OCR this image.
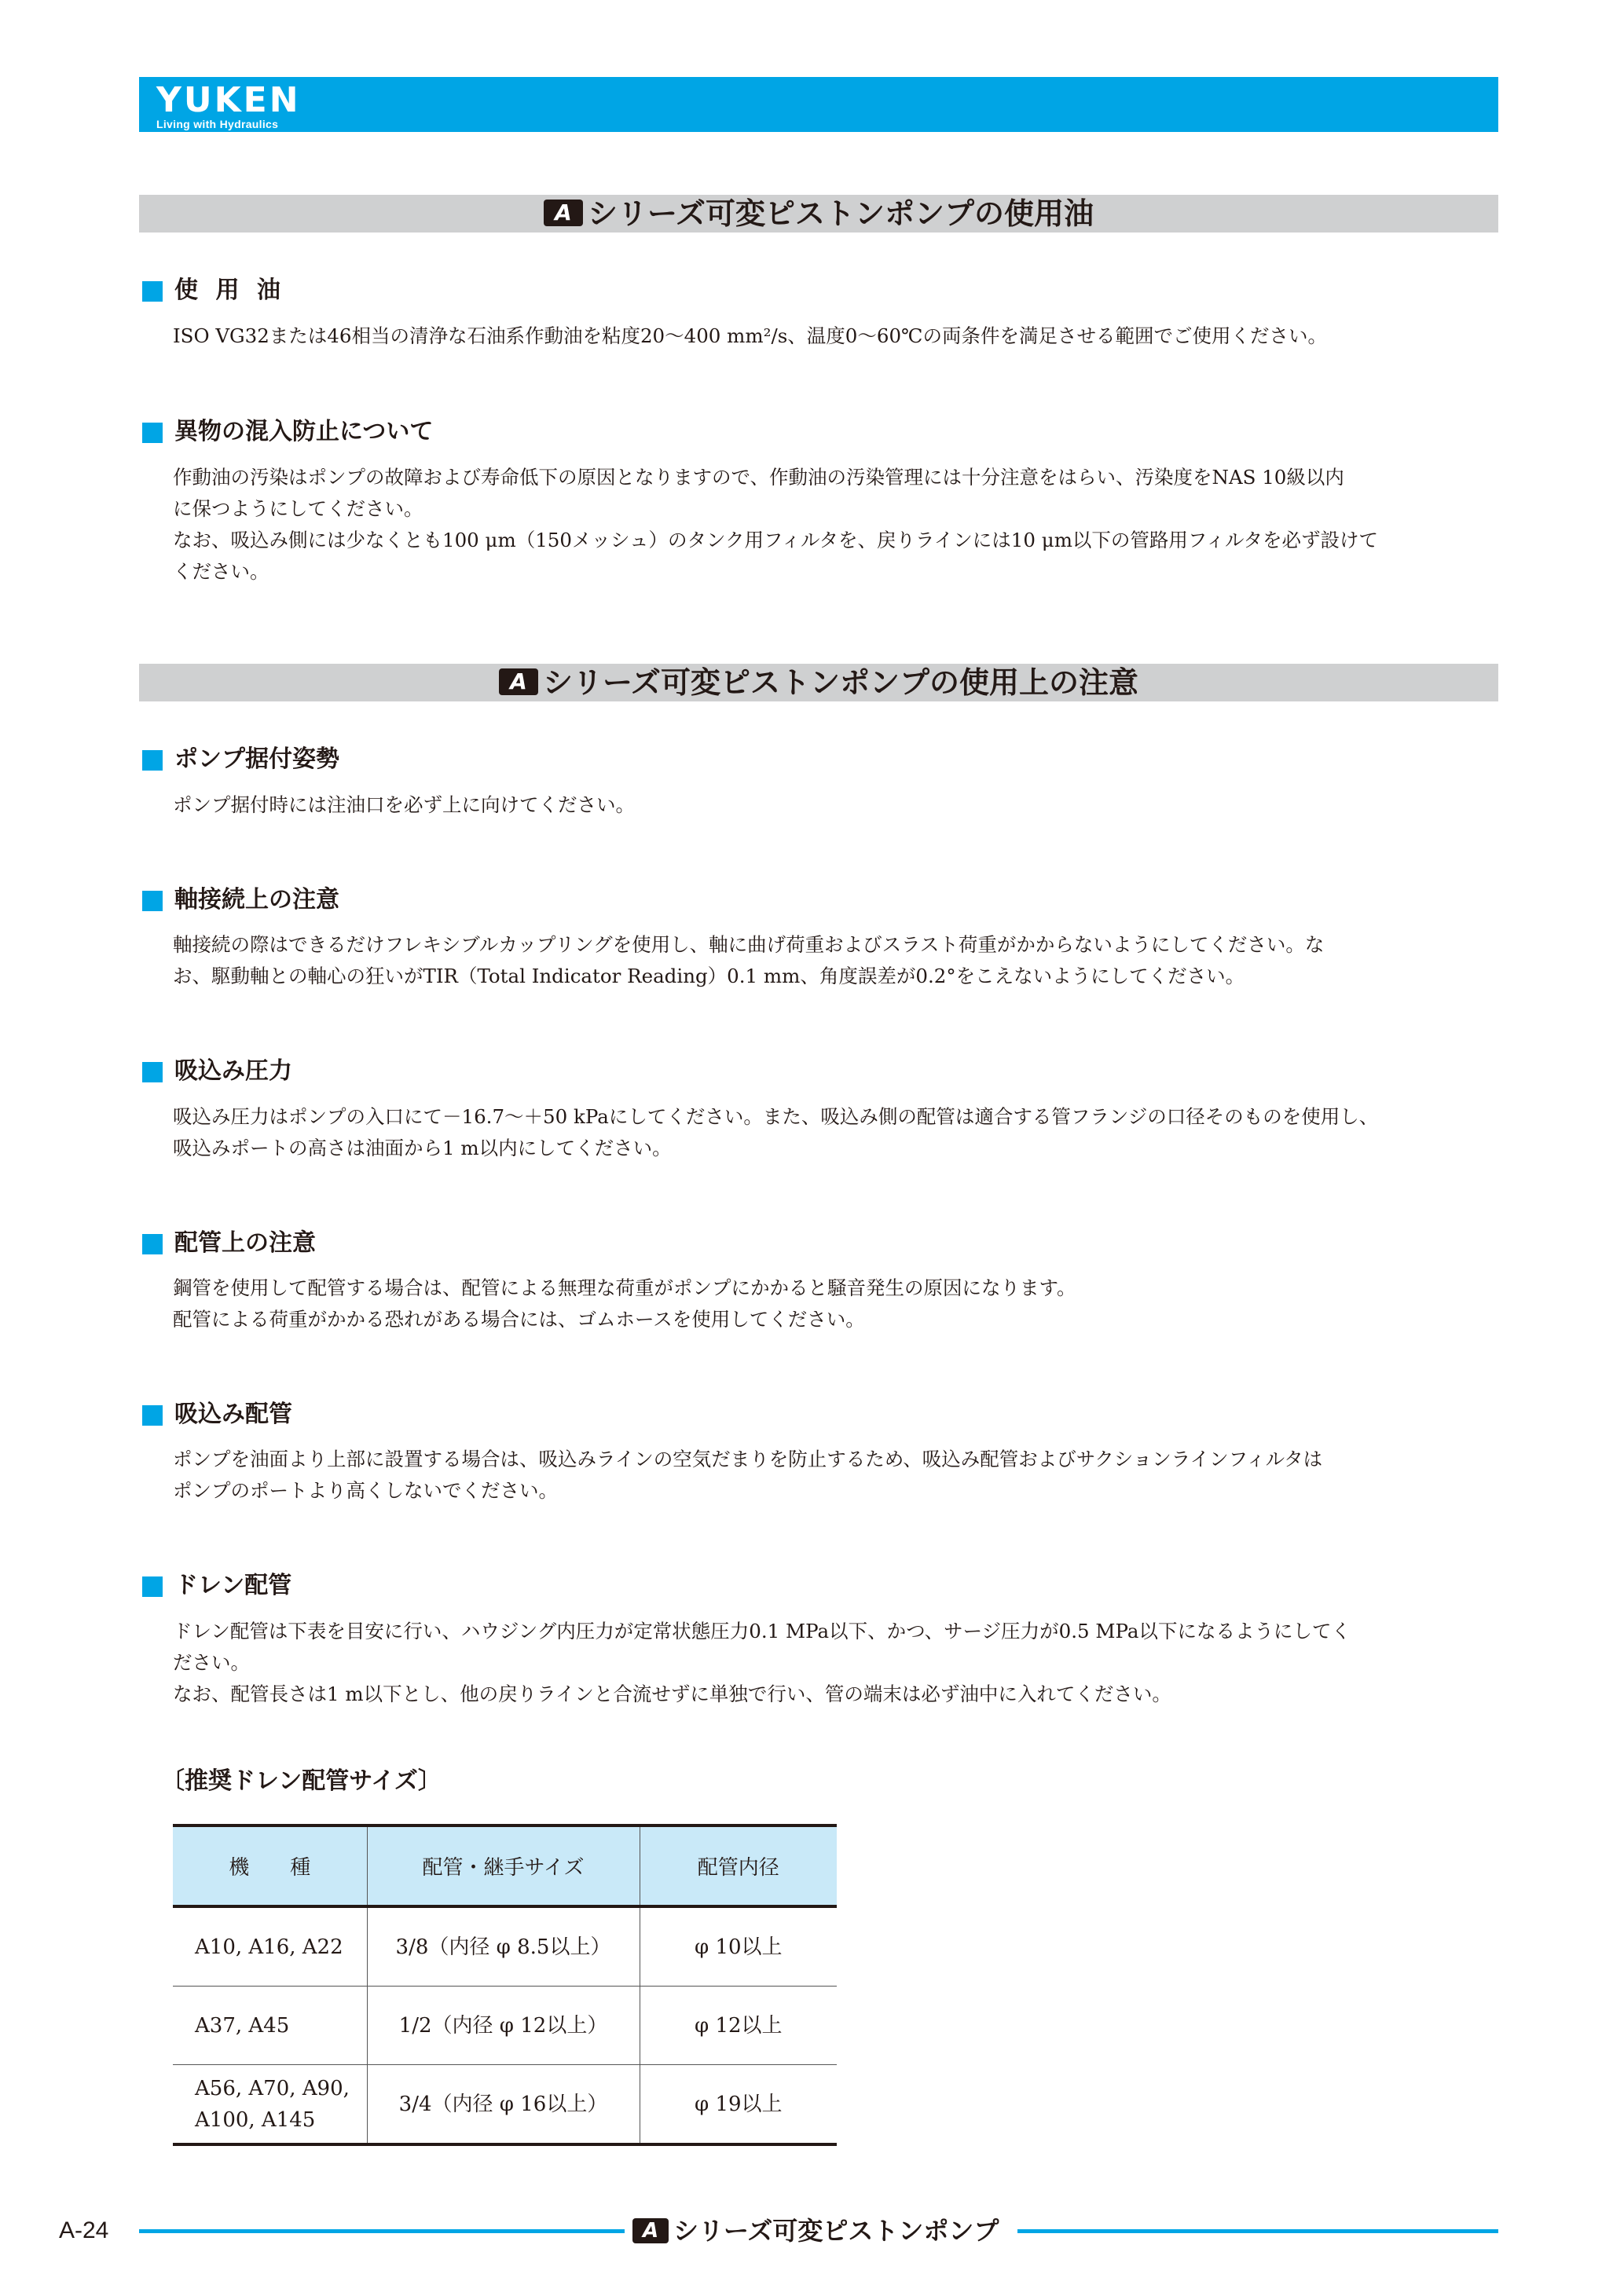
YUKEN
Living with Hydraulics
A シリーズ可変ピストンポンプの使用油
使 用 油
ISO VG32または46相当の清浄な石油系作動油を粘度20～400 mm²/s、温度0～60℃の両条件を満足させる範囲でご使用ください。
異物の混入防止について
作動油の汚染はポンプの故障および寿命低下の原因となりますので、作動油の汚染管理には十分注意をはらい、汚染度をNAS 10級以内
に保つようにしてください。
なお、吸込み側には少なくとも100 μm（150メッシュ）のタンク用フィルタを、戻りラインには10 μm以下の管路用フィルタを必ず設けて
ください。
A シリーズ可変ピストンポンプの使用上の注意
ポンプ据付姿勢
ポンプ据付時には注油口を必ず上に向けてください。
軸接続上の注意
軸接続の際はできるだけフレキシブルカップリングを使用し、軸に曲げ荷重およびスラスト荷重がかからないようにしてください。な
お、駆動軸との軸心の狂いがTIR（Total Indicator Reading）0.1 mm、角度誤差が0.2°をこえないようにしてください。
吸込み圧力
吸込み圧力はポンプの入口にて－16.7～＋50 kPaにしてください。また、吸込み側の配管は適合する管フランジの口径そのものを使用し、
吸込みポートの高さは油面から1 m以内にしてください。
配管上の注意
鋼管を使用して配管する場合は、配管による無理な荷重がポンプにかかると騒音発生の原因になります。
配管による荷重がかかる恐れがある場合には、ゴムホースを使用してください。
吸込み配管
ポンプを油面より上部に設置する場合は、吸込みラインの空気だまりを防止するため、吸込み配管およびサクションラインフィルタは
ポンプのポートより高くしないでください。
ドレン配管
ドレン配管は下表を目安に行い、ハウジング内圧力が定常状態圧力0.1 MPa以下、かつ、サージ圧力が0.5 MPa以下になるようにしてく
ださい。
なお、配管長さは1 m以下とし、他の戻りラインと合流せずに単独で行い、管の端末は必ず油中に入れてください。
〔推奨ドレン配管サイズ〕
機　　種	配管・継手サイズ	配管内径
A10, A16, A22	3/8（内径 φ 8.5以上）	φ 10以上
A37, A45	1/2（内径 φ 12以上）	φ 12以上

A56, A70, A90,
A100, A145	3/4（内径 φ 16以上）	φ 19以上
A-24	A シリーズ可変ピストンポンプ
